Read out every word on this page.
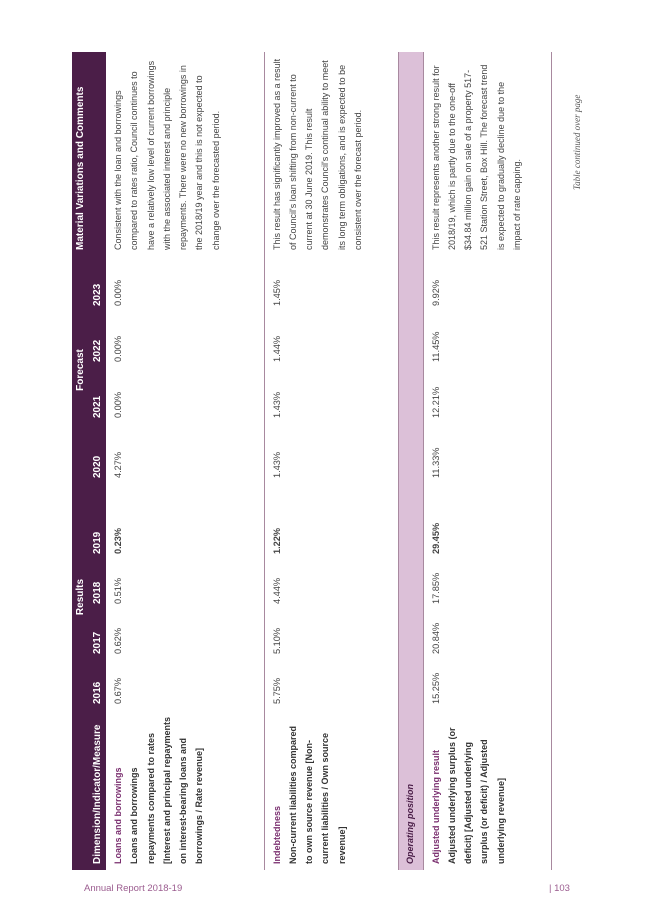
	Results				Forecast				Material Variations and Comments
Dimension/Indicator/Measure	2016	2017	2018	2019	2020	2021	2022	2023	

Loans and borrowings Loans and borrowings repayments compared to rates [Interest and principal repayments on interest-bearing loans and borrowings / Rate revenue]	0.67%	0.62%	0.51%	0.23%	4.27%	0.00%	0.00%	0.00%	Consistent with the loan and borrowings compared to rates ratio, Council continues to have a relatively low level of current borrowings with the associated interest and principle repayments. There were no new borrowings in the 2018/19 year and this is not expected to change over the forecasted period.

Indebtedness Non-current liabilities compared to own source revenue [Non-current liabilities / Own source revenue]	5.75%	5.10%	4.44%	1.22%	1.43%	1.43%	1.44%	1.45%	This result has significantly improved as a result of Council's loan shifting from non-current to current at 30 June 2019. This result demonstrates Council's continual ability to meet its long term obligations, and is expected to be consistent over the forecast period.
Operating position									

Adjusted underlying result Adjusted underlying surplus (or deficit) [Adjusted underlying surplus (or deficit) / Adjusted underlying revenue]	15.25%	20.84%	17.85%	29.45%	11.33%	12.21%	11.45%	9.92%	This result represents another strong result for 2018/19, which is partly due to the one-off $34.84 million gain on sale of a property 517-521 Station Street, Box Hill. The forecast trend is expected to gradually decline due to the impact of rate capping.
Table continued over page
Annual Report 2018-19	| 103
